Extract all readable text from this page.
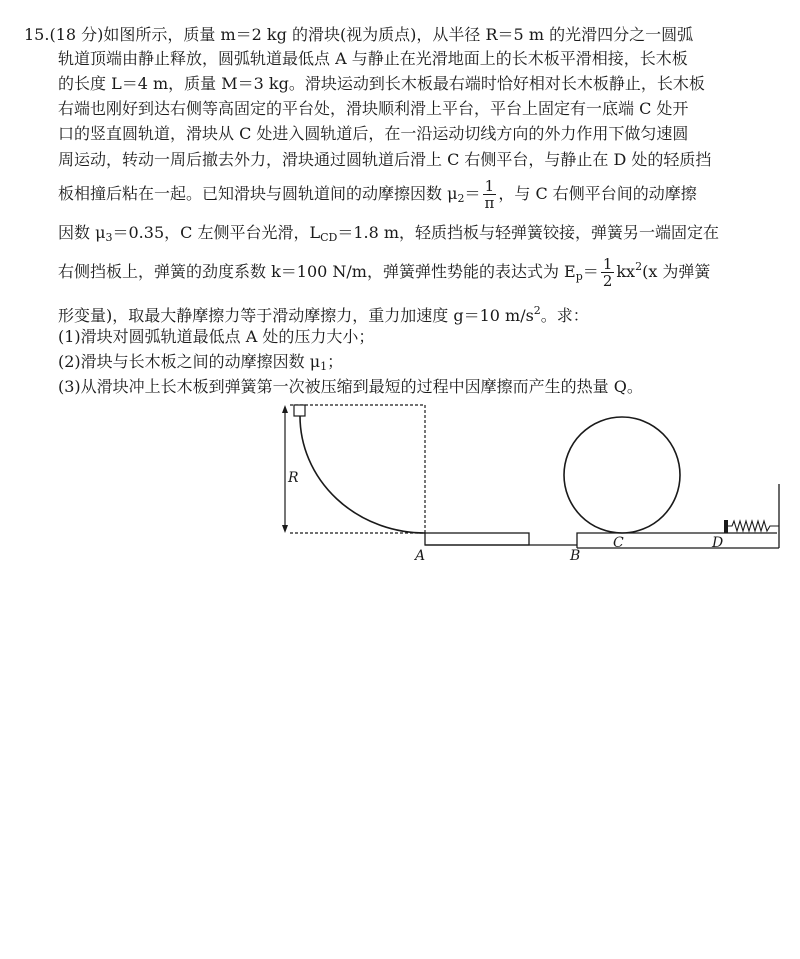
15.(18 分)如图所示，质量 m＝2 kg 的滑块(视为质点)，从半径 R＝5 m 的光滑四分之一圆弧
轨道顶端由静止释放，圆弧轨道最低点 A 与静止在光滑地面上的长木板平滑相接，长木板
的长度 L＝4 m，质量 M＝3 kg。滑块运动到长木板最右端时恰好相对长木板静止，长木板
右端也刚好到达右侧等高固定的平台处，滑块顺利滑上平台，平台上固定有一底端 C 处开
口的竖直圆轨道，滑块从 C 处进入圆轨道后，在一沿运动切线方向的外力作用下做匀速圆
周运动，转动一周后撤去外力，滑块通过圆轨道后滑上 C 右侧平台，与静止在 D 处的轻质挡
板相撞后粘在一起。已知滑块与圆轨道间的动摩擦因数 $\mu_2= \frac{1}{\pi}$ ，与 C 右侧平台间的动摩擦
因数 $\mu_3=0.35$，C 左侧平台光滑，$L_{CD}=1.8$ m，轻质挡板与轻弹簧铰接，弹簧另一端固定在
右侧挡板上，弹簧的劲度系数 k＝100 N/m，弹簧弹性势能的表达式为 $E_p= \frac{1}{2} kx^2(x$ 为弹簧
形变量)，取最大静摩擦力等于滑动摩擦力，重力加速度 g＝10 $m/s^2$。求：
(1)滑块对圆弧轨道最低点 A 处的压力大小；
(2)滑块与长木板之间的动摩擦因数 $\mu_1$；
(3)从滑块冲上长木板到弹簧第一次被压缩到最短的过程中因摩擦而产生的热量 Q。
R
A	B
C	D
